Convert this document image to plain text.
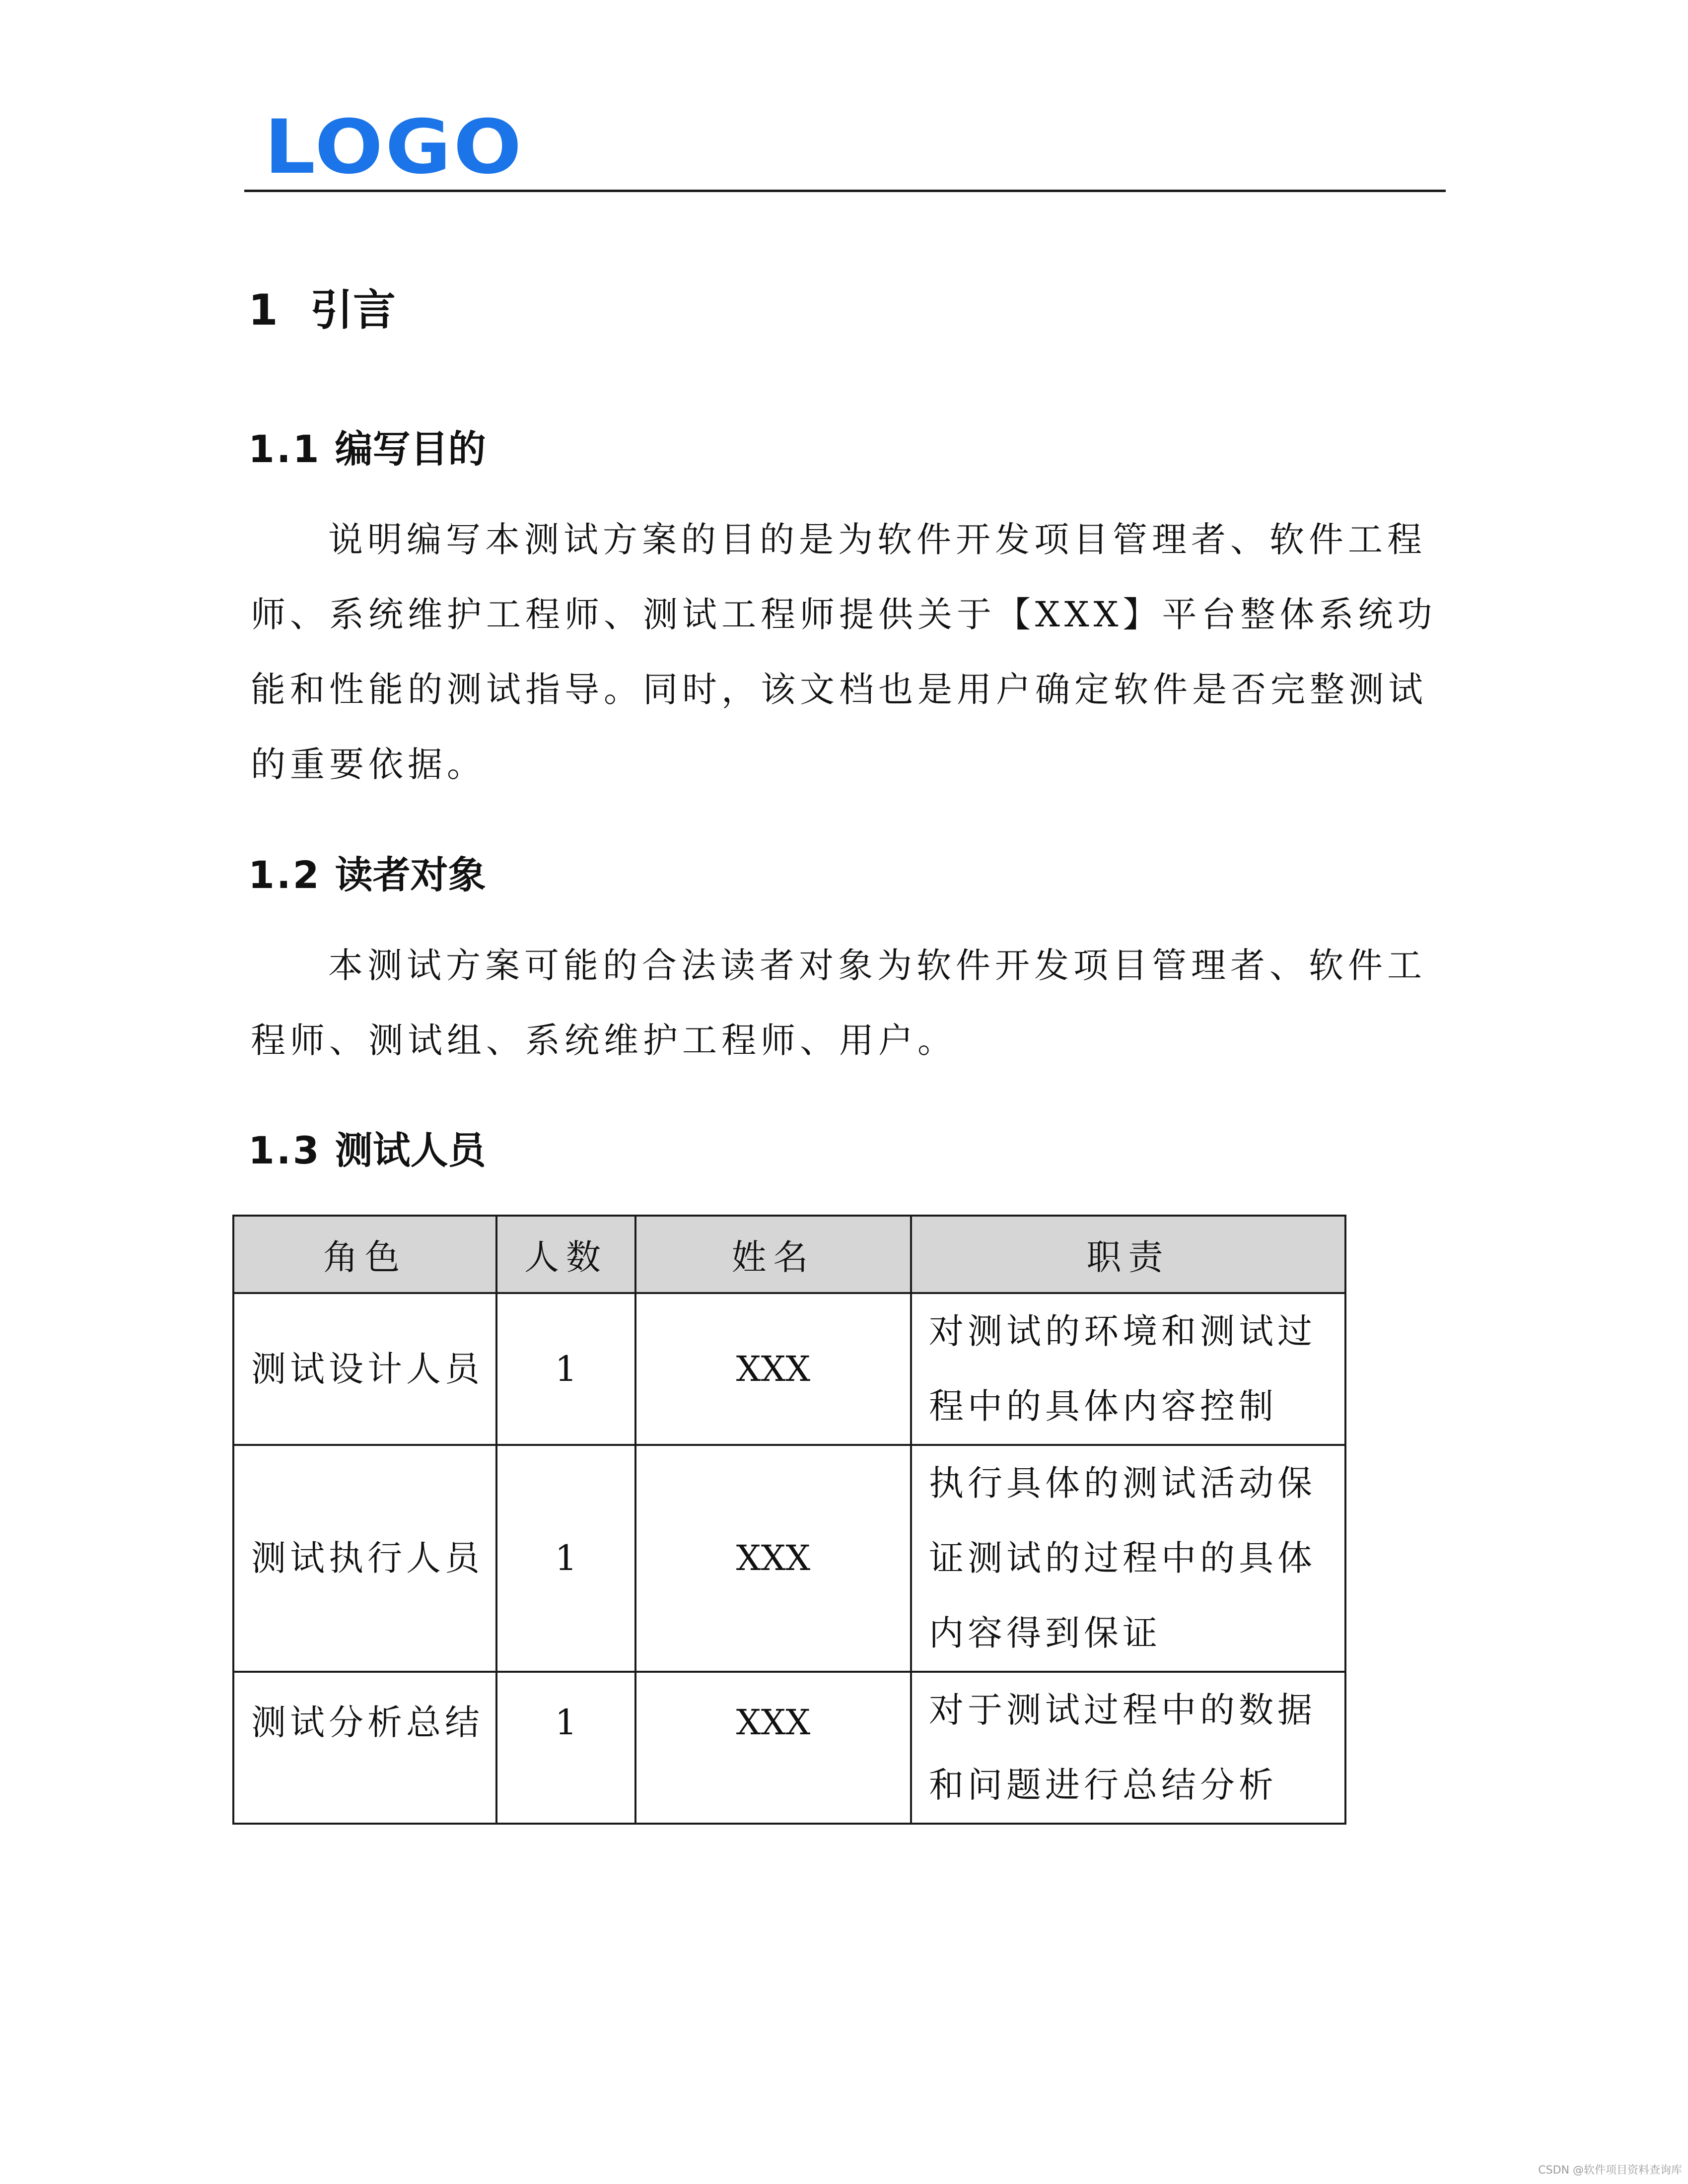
LOGO
1 引言
1.1 编写目的

说明编写本测试方案的目的是为软件开发项目管理者、软件工程师、系统维护工程师、测试工程师提供关于【XXX】平台整体系统功能和性能的测试指导。同时，该文档也是用户确定软件是否完整测试的重要依据。

1.2 读者对象

本测试方案可能的合法读者对象为软件开发项目管理者、软件工程师、测试组、系统维护工程师、用户。

1.3 测试人员
角色	人数	姓名	职责
测试设计人员	1	XXX	对测试的环境和测试过程中的具体内容控制
测试执行人员	1	XXX	执行具体的测试活动保证测试的过程中的具体内容得到保证
测试分析总结	1	XXX	对于测试过程中的数据和问题进行总结分析
CSDN @软件项目资料查询库
